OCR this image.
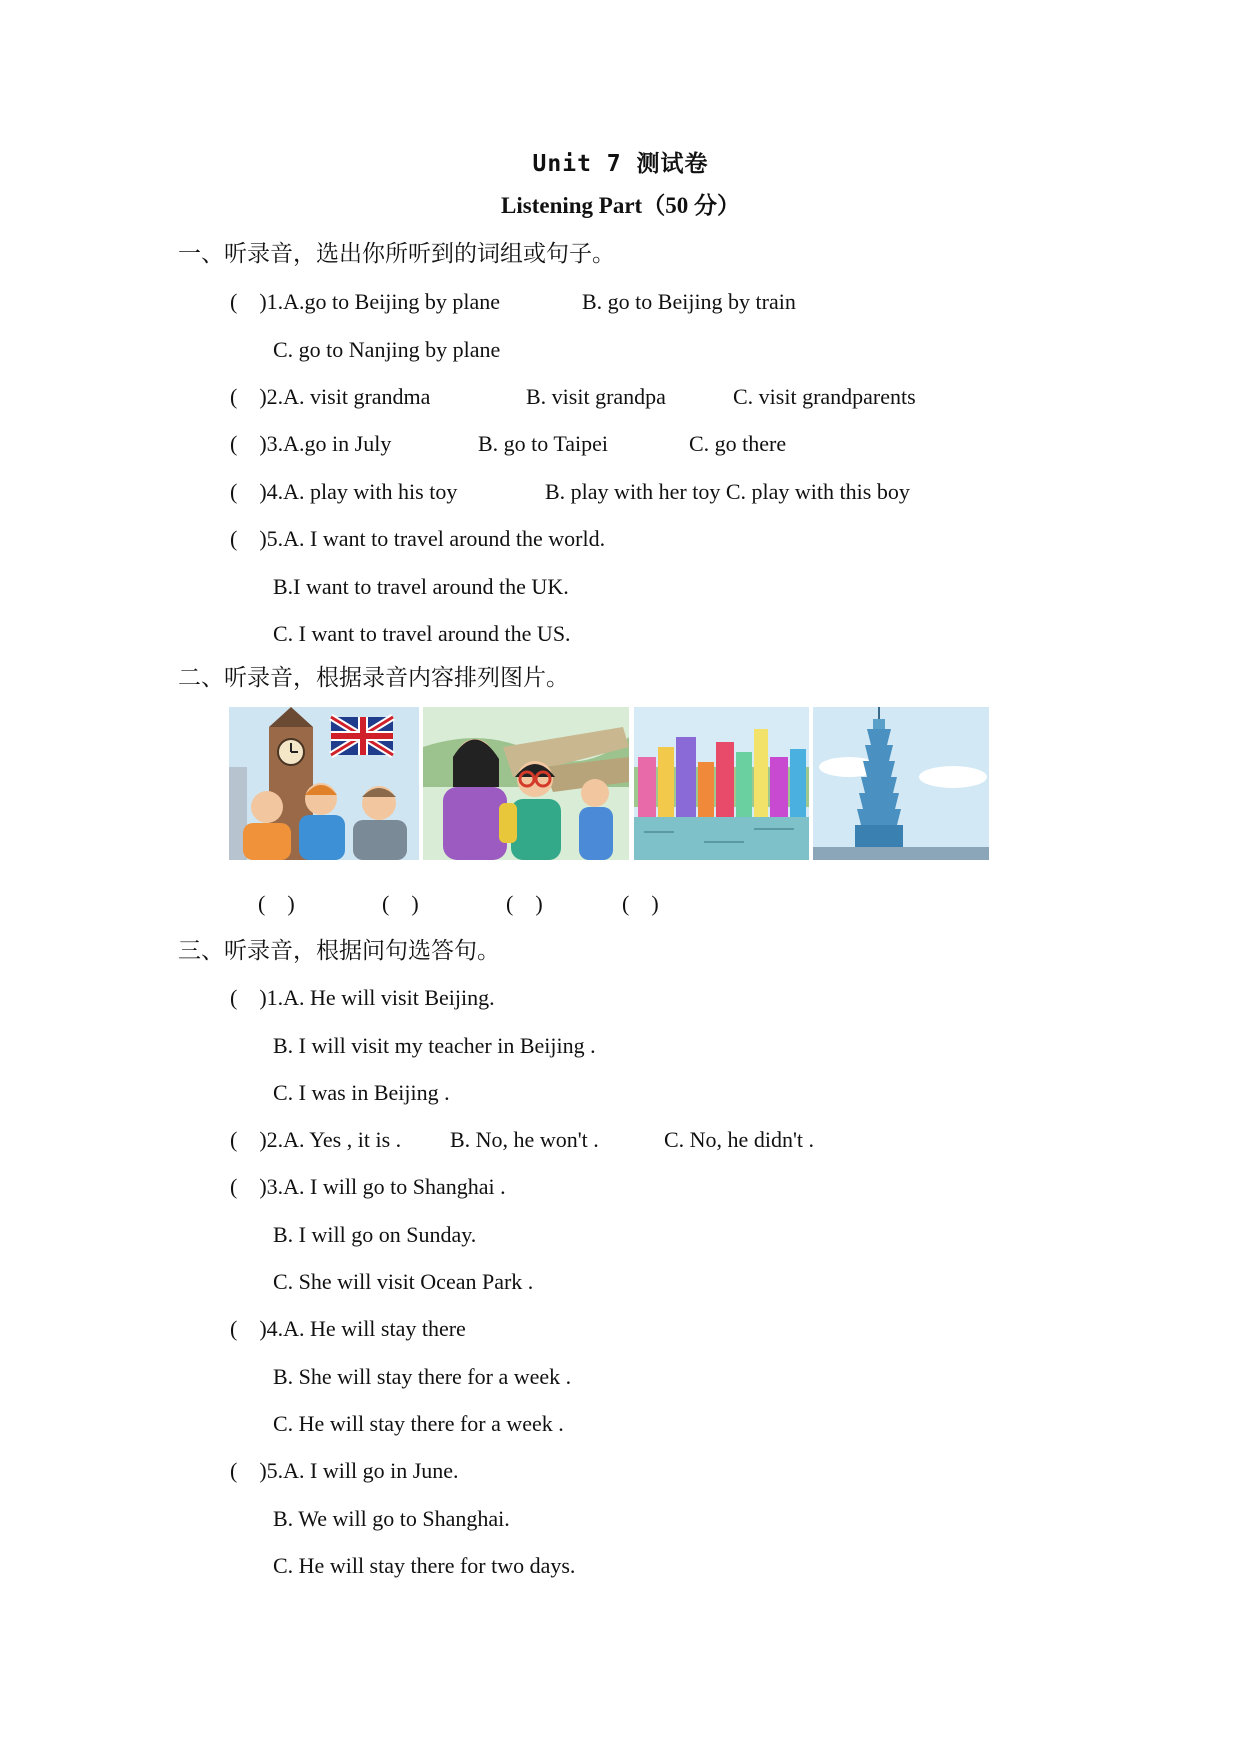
Unit 7 测试卷
Listening Part（50 分）
一、听录音，选出你所听到的词组或句子。
(    )1.A.go to Beijing by plane	B. go to Beijing by train
C. go to Nanjing by plane
(    )2.A. visit grandma	B. visit grandpa	C. visit grandparents
(    )3.A.go in July	B. go to Taipei	C. go there
(    )4.A. play with his toy	B. play with her toy C. play with this boy
(    )5.A. I want to travel around the world.
B.I want to travel around the UK.
C. I want to travel around the US.
二、听录音，根据录音内容排列图片。
(    )	(    )	(    )	(    )
三、听录音，根据问句选答句。
(    )1.A. He will visit Beijing.
B. I will visit my teacher in Beijing .
C. I was in Beijing .
(    )2.A. Yes , it is . B. No, he won't .	C. No, he didn't .
(    )3.A. I will go to Shanghai .
B. I will go on Sunday.
C. She will visit Ocean Park .
(    )4.A. He will stay there
B. She will stay there for a week .
C. He will stay there for a week .
(    )5.A. I will go in June.
B. We will go to Shanghai.
C. He will stay there for two days.
